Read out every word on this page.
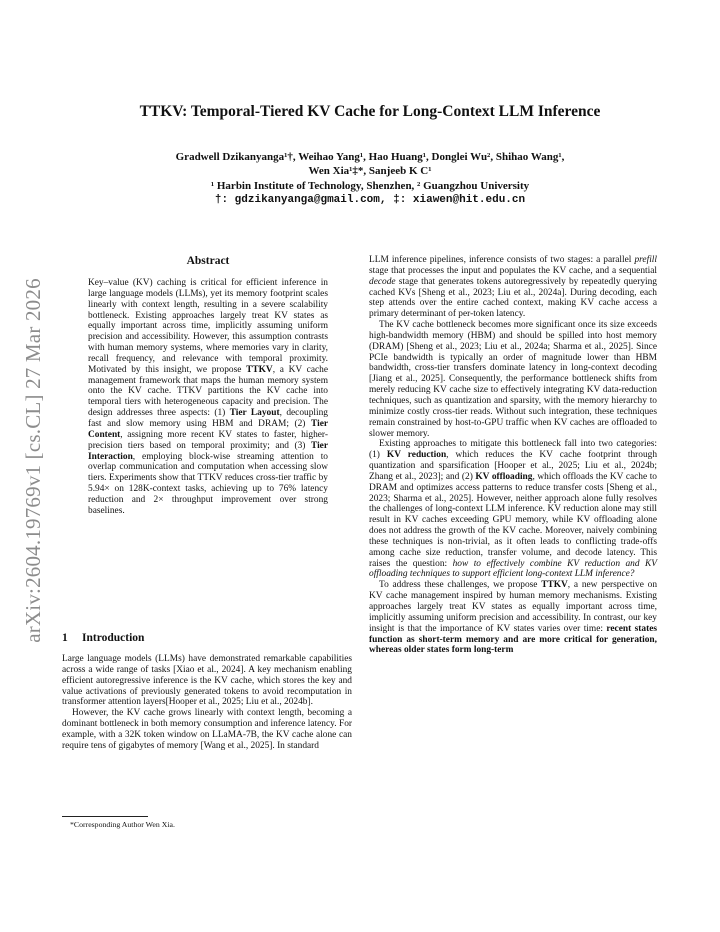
arXiv:2604.19769v1 [cs.CL] 27 Mar 2026
TTKV: Temporal-Tiered KV Cache for Long-Context LLM Inference
Gradwell Dzikanyanga¹†, Weihao Yang¹, Hao Huang¹, Donglei Wu², Shihao Wang¹,
Wen Xia¹‡*, Sanjeeb K C¹
¹ Harbin Institute of Technology, Shenzhen, ² Guangzhou University
†: gdzikanyanga@gmail.com, ‡: xiawen@hit.edu.cn
Abstract
Key–value (KV) caching is critical for efficient inference in large language models (LLMs), yet its memory footprint scales linearly with context length, resulting in a severe scalability bottleneck. Existing approaches largely treat KV states as equally important across time, implicitly assuming uniform precision and accessibility. However, this assumption contrasts with human memory systems, where memories vary in clarity, recall frequency, and relevance with temporal proximity. Motivated by this insight, we propose TTKV, a KV cache management framework that maps the human memory system onto the KV cache. TTKV partitions the KV cache into temporal tiers with heterogeneous capacity and precision. The design addresses three aspects: (1) Tier Layout, decoupling fast and slow memory using HBM and DRAM; (2) Tier Content, assigning more recent KV states to faster, higher-precision tiers based on temporal proximity; and (3) Tier Interaction, employing block-wise streaming attention to overlap communication and computation when accessing slow tiers. Experiments show that TTKV reduces cross-tier traffic by 5.94× on 128K-context tasks, achieving up to 76% latency reduction and 2× throughput improvement over strong baselines.
1 Introduction

Large language models (LLMs) have demonstrated remarkable capabilities across a wide range of tasks [Xiao et al., 2024]. A key mechanism enabling efficient autoregressive inference is the KV cache, which stores the key and value activations of previously generated tokens to avoid recomputation in transformer attention layers[Hooper et al., 2025; Liu et al., 2024b].

However, the KV cache grows linearly with context length, becoming a dominant bottleneck in both memory consumption and inference latency. For example, with a 32K token window on LLaMA-7B, the KV cache alone can require tens of gigabytes of memory [Wang et al., 2025]. In standard

LLM inference pipelines, inference consists of two stages: a parallel prefill stage that processes the input and populates the KV cache, and a sequential decode stage that generates tokens autoregressively by repeatedly querying cached KVs [Sheng et al., 2023; Liu et al., 2024a]. During decoding, each step attends over the entire cached context, making KV cache access a primary determinant of per-token latency.

The KV cache bottleneck becomes more significant once its size exceeds high-bandwidth memory (HBM) and should be spilled into host memory (DRAM) [Sheng et al., 2023; Liu et al., 2024a; Sharma et al., 2025]. Since PCIe bandwidth is typically an order of magnitude lower than HBM bandwidth, cross-tier transfers dominate latency in long-context decoding [Jiang et al., 2025]. Consequently, the performance bottleneck shifts from merely reducing KV cache size to effectively integrating KV data-reduction techniques, such as quantization and sparsity, with the memory hierarchy to minimize costly cross-tier reads. Without such integration, these techniques remain constrained by host-to-GPU traffic when KV caches are offloaded to slower memory.

Existing approaches to mitigate this bottleneck fall into two categories: (1) KV reduction, which reduces the KV cache footprint through quantization and sparsification [Hooper et al., 2025; Liu et al., 2024b; Zhang et al., 2023]; and (2) KV offloading, which offloads the KV cache to DRAM and optimizes access patterns to reduce transfer costs [Sheng et al., 2023; Sharma et al., 2025]. However, neither approach alone fully resolves the challenges of long-context LLM inference. KV reduction alone may still result in KV caches exceeding GPU memory, while KV offloading alone does not address the growth of the KV cache. Moreover, naively combining these techniques is non-trivial, as it often leads to conflicting trade-offs among cache size reduction, transfer volume, and decode latency. This raises the question: how to effectively combine KV reduction and KV offloading techniques to support efficient long-context LLM inference?

To address these challenges, we propose TTKV, a new perspective on KV cache management inspired by human memory mechanisms. Existing approaches largely treat KV states as equally important across time, implicitly assuming uniform precision and accessibility. In contrast, our key insight is that the importance of KV states varies over time: recent states function as short-term memory and are more critical for generation, whereas older states form long-term

*Corresponding Author Wen Xia.
